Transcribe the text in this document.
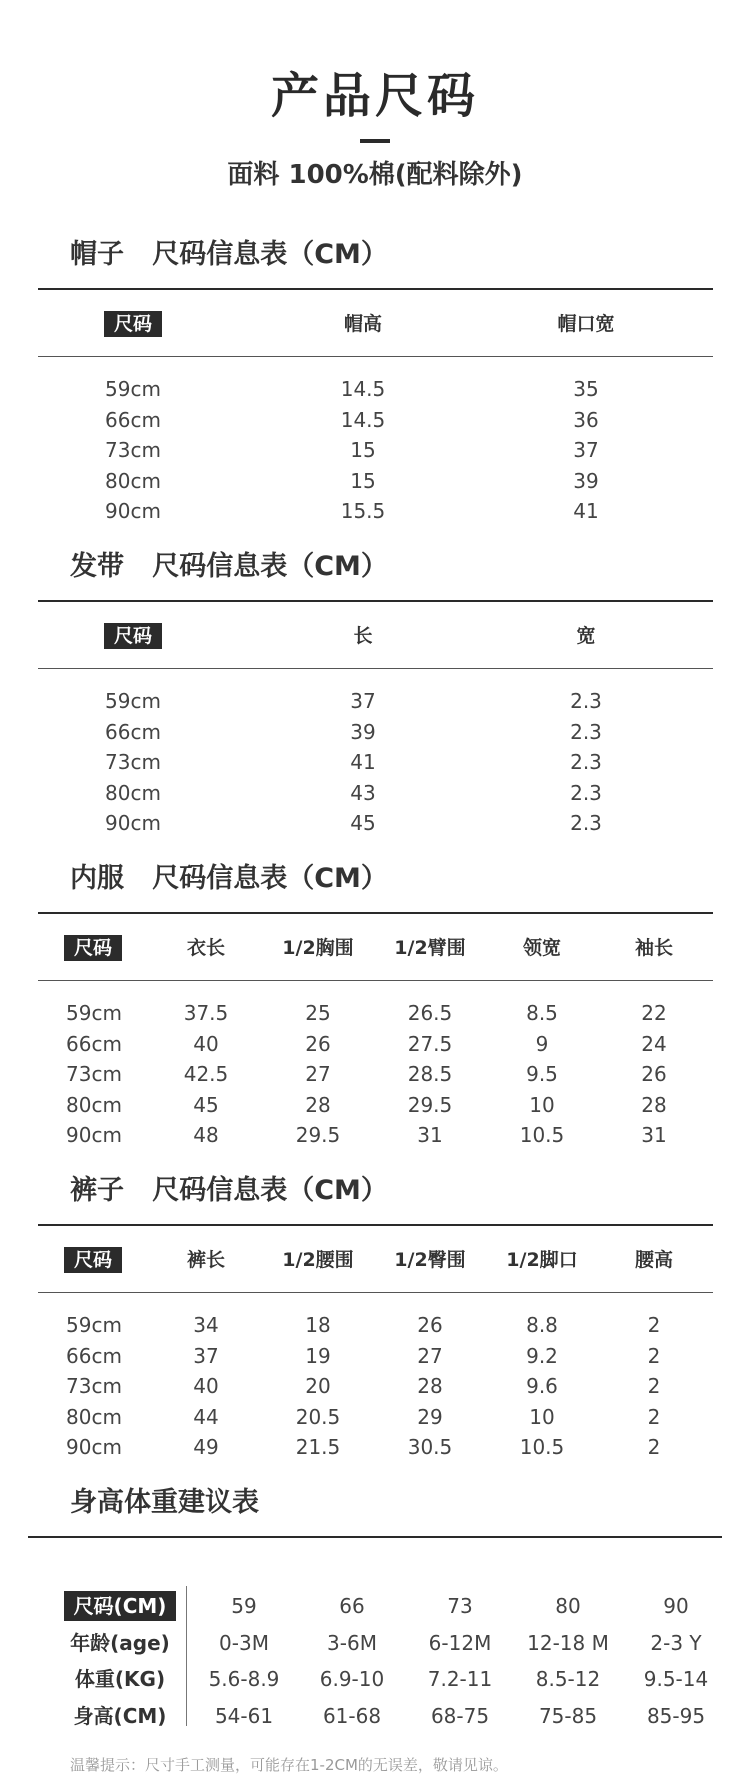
产品尺码
面料 100%棉(配料除外)
帽子   尺码信息表（CM）
尺码	帽高	帽口宽
59cm	14.5	35
66cm	14.5	36
73cm	15	37
80cm	15	39
90cm	15.5	41
发带   尺码信息表（CM）
尺码	长	宽
59cm	37	2.3
66cm	39	2.3
73cm	41	2.3
80cm	43	2.3
90cm	45	2.3
内服   尺码信息表（CM）
尺码	衣长	1/2胸围	1/2臂围	领宽	袖长
59cm	37.5	25	26.5	8.5	22
66cm	40	26	27.5	9	24
73cm	42.5	27	28.5	9.5	26
80cm	45	28	29.5	10	28
90cm	48	29.5	31	10.5	31
裤子   尺码信息表（CM）
尺码	裤长	1/2腰围	1/2臀围	1/2脚口	腰高
59cm	34	18	26	8.8	2
66cm	37	19	27	9.2	2
73cm	40	20	28	9.6	2
80cm	44	20.5	29	10	2
90cm	49	21.5	30.5	10.5	2
身高体重建议表
尺码(CM)	59	66	73	80	90
年龄(age)	0-3M	3-6M	6-12M	12-18 M	2-3 Y
体重(KG)	5.6-8.9	6.9-10	7.2-11	8.5-12	9.5-14
身高(CM)	54-61	61-68	68-75	75-85	85-95
温馨提示：尺寸手工测量，可能存在1-2CM的无误差，敬请见谅。
